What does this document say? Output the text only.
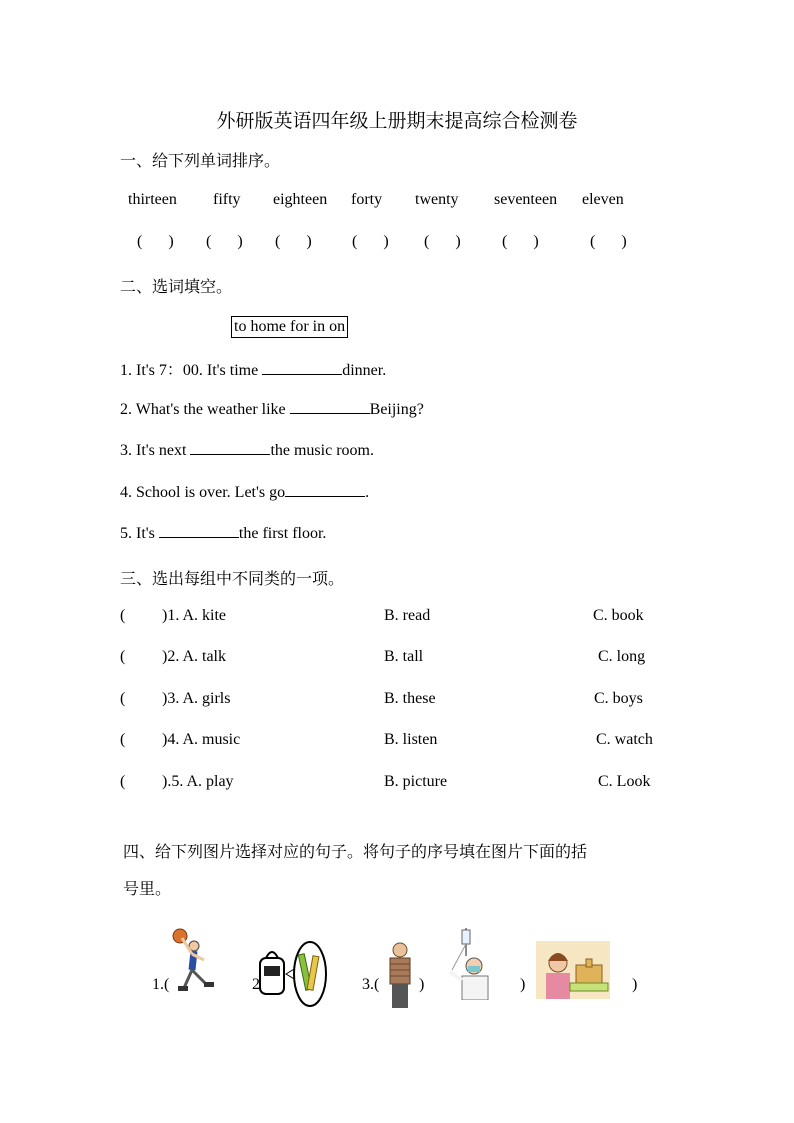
外研版英语四年级上册期末提高综合检测卷
一、给下列单词排序。
thirteen fifty eighteen forty twenty seventeen eleven
(    ) (    ) (    ) (    ) (    ) (    )	(    )
二、选词填空。
to home for in on
1. It's 7：00. It's time	dinner.
2. What's the weather like	Beijing?
3. It's next	the music room.
4. School is over. Let's go	.
5. It's	the first floor.
三、选出每组中不同类的一项。
( )1. A. kite	B. read	C. book
( )2. A. talk	B. tall	C. long
( )3. A. girls	B. these	C. boys
( )4. A. music	B. listen	C. watch
( ).5. A. play	B. picture	C. Look
四、给下列图片选择对应的句子。将句子的序号填在图片下面的括
号里。
1.(	2	3.( )	)	)
